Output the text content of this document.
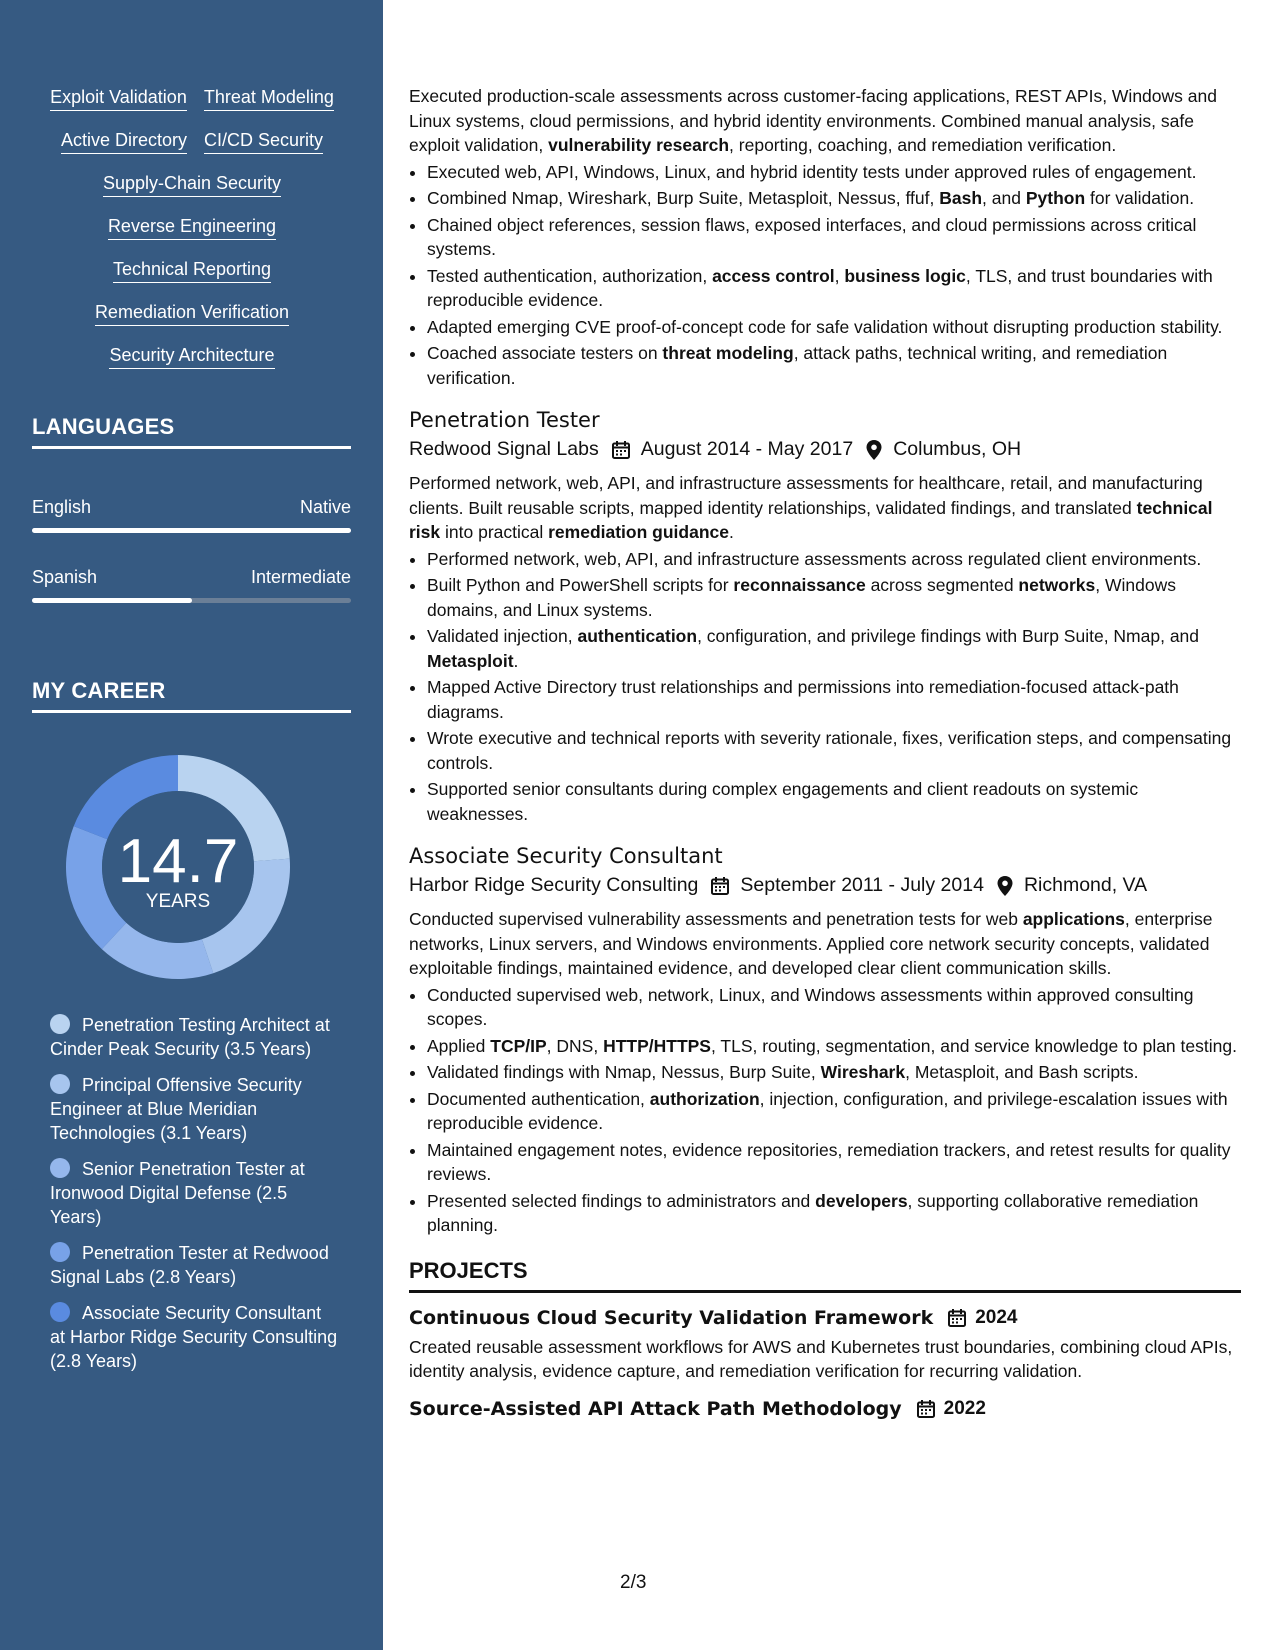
Exploit Validation Threat Modeling
Active Directory CI/CD Security
Supply-Chain Security
Reverse Engineering
Technical Reporting
Remediation Verification
Security Architecture
LANGUAGES
English	Native
Spanish	Intermediate
MY CAREER
14.7
YEARS
Penetration Testing Architect at Cinder Peak Security (3.5 Years)
Principal Offensive Security Engineer at Blue Meridian Technologies (3.1 Years)
Senior Penetration Tester at Ironwood Digital Defense (2.5 Years)
Penetration Tester at Redwood Signal Labs (2.8 Years)
Associate Security Consultant at Harbor Ridge Security Consulting (2.8 Years)

Executed production-scale assessments across customer-facing applications, REST APIs, Windows and Linux systems, cloud permissions, and hybrid identity environments. Combined manual analysis, safe exploit validation, vulnerability research, reporting, coaching, and remediation verification.

• Executed web, API, Windows, Linux, and hybrid identity tests under approved rules of engagement.
• Combined Nmap, Wireshark, Burp Suite, Metasploit, Nessus, ffuf, Bash, and Python for validation.
• Chained object references, session flaws, exposed interfaces, and cloud permissions across critical systems.
• Tested authentication, authorization, access control, business logic, TLS, and trust boundaries with reproducible evidence.
• Adapted emerging CVE proof-of-concept code for safe validation without disrupting production stability.
• Coached associate testers on threat modeling, attack paths, technical writing, and remediation verification.
Penetration Tester
Redwood Signal Labs August 2014 - May 2017 Columbus, OH

Performed network, web, API, and infrastructure assessments for healthcare, retail, and manufacturing clients. Built reusable scripts, mapped identity relationships, validated findings, and translated technical risk into practical remediation guidance.

• Performed network, web, API, and infrastructure assessments across regulated client environments.
• Built Python and PowerShell scripts for reconnaissance across segmented networks, Windows domains, and Linux systems.
• Validated injection, authentication, configuration, and privilege findings with Burp Suite, Nmap, and Metasploit.
• Mapped Active Directory trust relationships and permissions into remediation-focused attack-path diagrams.
• Wrote executive and technical reports with severity rationale, fixes, verification steps, and compensating controls.
• Supported senior consultants during complex engagements and client readouts on systemic weaknesses.
Associate Security Consultant
Harbor Ridge Security Consulting September 2011 - July 2014 Richmond, VA

Conducted supervised vulnerability assessments and penetration tests for web applications, enterprise networks, Linux servers, and Windows environments. Applied core network security concepts, validated exploitable findings, maintained evidence, and developed clear client communication skills.

• Conducted supervised web, network, Linux, and Windows assessments within approved consulting scopes.
• Applied TCP/IP, DNS, HTTP/HTTPS, TLS, routing, segmentation, and service knowledge to plan testing.
• Validated findings with Nmap, Nessus, Burp Suite, Wireshark, Metasploit, and Bash scripts.
• Documented authentication, authorization, injection, configuration, and privilege-escalation issues with reproducible evidence.
• Maintained engagement notes, evidence repositories, remediation trackers, and retest results for quality reviews.
• Presented selected findings to administrators and developers, supporting collaborative remediation planning.
PROJECTS
Continuous Cloud Security Validation Framework 2024

Created reusable assessment workflows for AWS and Kubernetes trust boundaries, combining cloud APIs, identity analysis, evidence capture, and remediation verification for recurring validation.

Source-Assisted API Attack Path Methodology 2022
2/3
